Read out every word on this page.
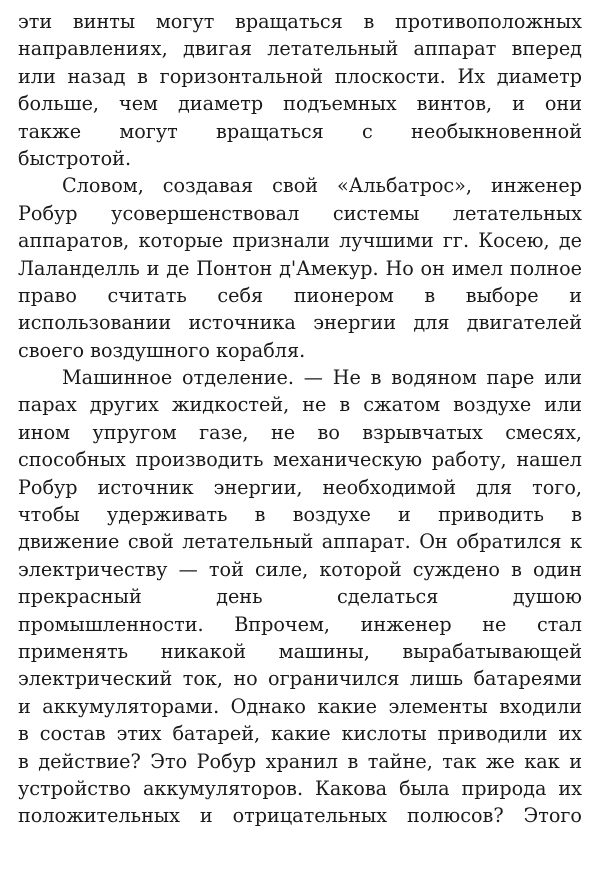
эти винты могут вращаться в противоположных
направлениях, двигая летательный аппарат вперед
или назад в горизонтальной плоскости. Их диаметр
больше, чем диаметр подъемных винтов, и они
также могут вращаться с необыкновенной
быстротой.
Словом, создавая свой «Альбатрос», инженер
Робур усовершенствовал системы летательных
аппаратов, которые признали лучшими гг. Косею, де
Лаланделль и де Понтон д'Амекур. Но он имел полное
право считать себя пионером в выборе и
использовании источника энергии для двигателей
своего воздушного корабля.
Машинное отделение. — Не в водяном паре или
парах других жидкостей, не в сжатом воздухе или
ином упругом газе, не во взрывчатых смесях,
способных производить механическую работу, нашел
Робур источник энергии, необходимой для того,
чтобы удерживать в воздухе и приводить в
движение свой летательный аппарат. Он обратился к
электричеству — той силе, которой суждено в один
прекрасный день сделаться душою
промышленности. Впрочем, инженер не стал
применять никакой машины, вырабатывающей
электрический ток, но ограничился лишь батареями
и аккумуляторами. Однако какие элементы входили
в состав этих батарей, какие кислоты приводили их
в действие? Это Робур хранил в тайне, так же как и
устройство аккумуляторов. Какова была природа их
положительных и отрицательных полюсов? Этого
